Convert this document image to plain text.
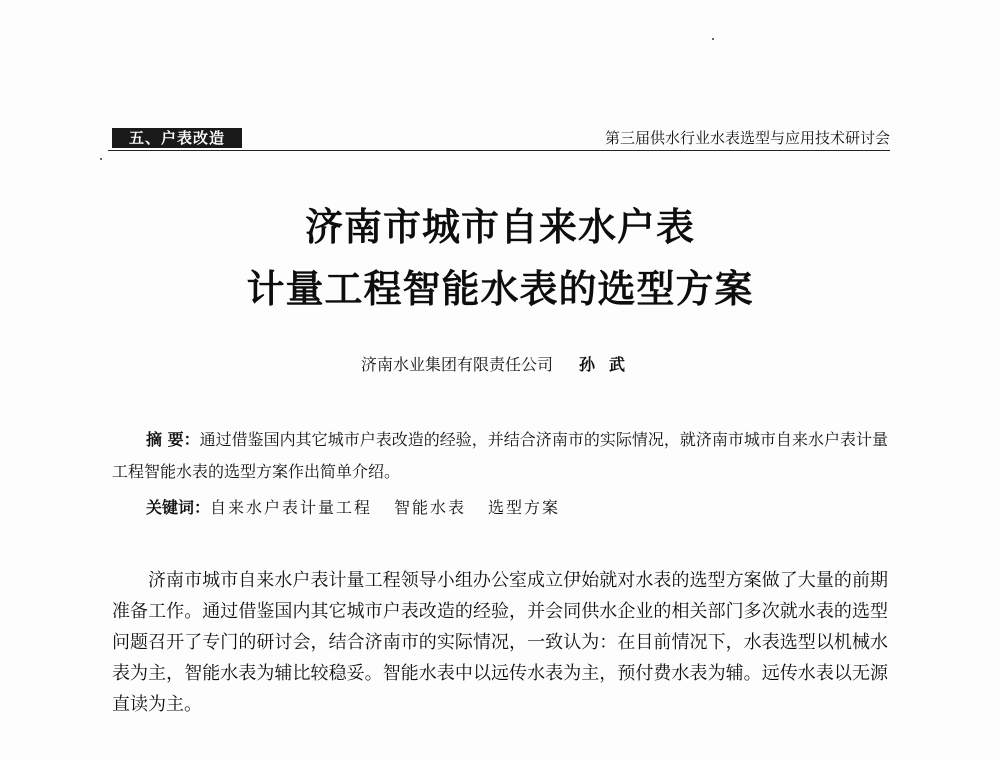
五、户表改造	第三届供水行业水表选型与应用技术研讨会
济南市城市自来水户表
计量工程智能水表的选型方案
济南水业集团有限责任公司 孙武
摘 要：通过借鉴国内其它城市户表改造的经验，并结合济南市的实际情况，就济南市城市自来水户表计量工程智能水表的选型方案作出简单介绍。
关键词：自来水户表计量工程 智能水表 选型方案
济南市城市自来水户表计量工程领导小组办公室成立伊始就对水表的选型方案做了大量的前期准备工作。通过借鉴国内其它城市户表改造的经验，并会同供水企业的相关部门多次就水表的选型问题召开了专门的研讨会，结合济南市的实际情况，一致认为：在目前情况下，水表选型以机械水表为主，智能水表为辅比较稳妥。智能水表中以远传水表为主，预付费水表为辅。远传水表以无源直读为主。
